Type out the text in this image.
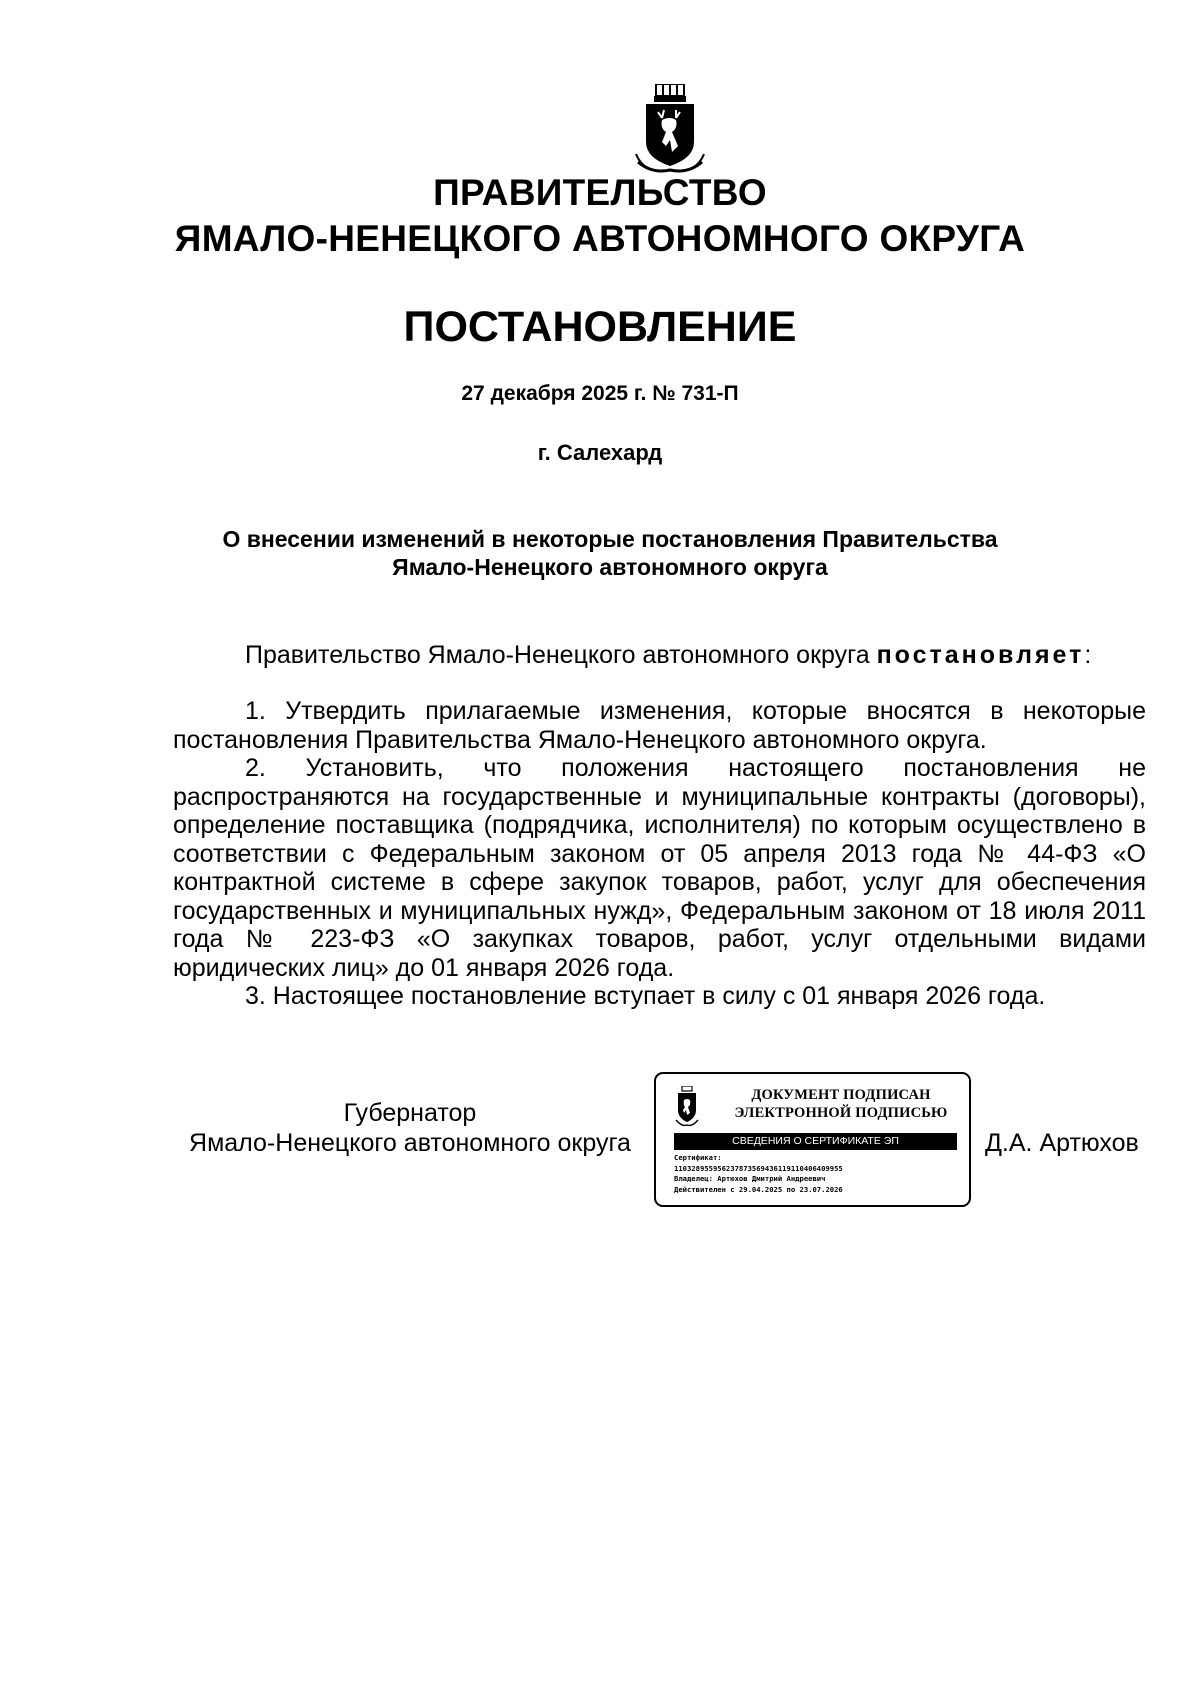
ПРАВИТЕЛЬСТВО
ЯМАЛО-НЕНЕЦКОГО АВТОНОМНОГО ОКРУГА
ПОСТАНОВЛЕНИЕ
27 декабря 2025 г. № 731-П
г. Салехард
О внесении изменений в некоторые постановления Правительства
Ямало-Ненецкого автономного округа

Правительство Ямало-Ненецкого автономного округа постановляет:

1. Утвердить прилагаемые изменения, которые вносятся в некоторые постановления Правительства Ямало-Ненецкого автономного округа.

2. Установить, что положения настоящего постановления не распространяются на государственные и муниципальные контракты (договоры), определение поставщика (подрядчика, исполнителя) по которым осуществлено в соответствии с Федеральным законом от 05 апреля 2013 года № 44-ФЗ «О контрактной системе в сфере закупок товаров, работ, услуг для обеспечения государственных и муниципальных нужд», Федеральным законом от 18 июля 2011 года № 223-ФЗ «О закупках товаров, работ, услуг отдельными видами юридических лиц» до 01 января 2026 года.

3. Настоящее постановление вступает в силу с 01 января 2026 года.

Губернатор
Ямало-Ненецкого автономного округа
ДОКУМЕНТ ПОДПИСАН
ЭЛЕКТРОННОЙ ПОДПИСЬЮ
СВЕДЕНИЯ О СЕРТИФИКАТЕ ЭП
Сертификат:
110328955956237873569436119110406409955
Владелец: Артюхов Дмитрий Андреевич
Действителен с 29.04.2025 по 23.07.2026
Д.А. Артюхов
